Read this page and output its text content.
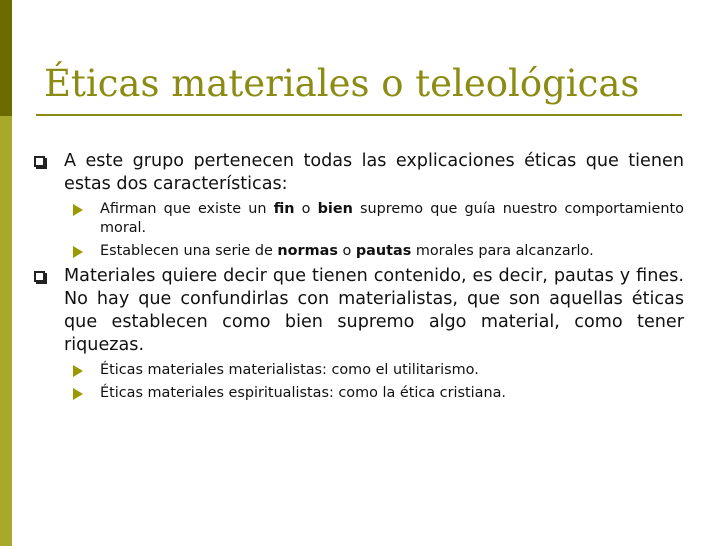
Éticas materiales o teleológicas
A este grupo pertenecen todas las explicaciones éticas que tienen estas dos características:
Afirman que existe un fin o bien supremo que guía nuestro comportamiento moral.
Establecen una serie de normas o pautas morales para alcanzarlo.
Materiales quiere decir que tienen contenido, es decir, pautas y fines. No hay que confundirlas con materialistas, que son aquellas éticas que establecen como bien supremo algo material, como tener riquezas.
Éticas materiales materialistas: como el utilitarismo.
Éticas materiales espiritualistas: como la ética cristiana.
